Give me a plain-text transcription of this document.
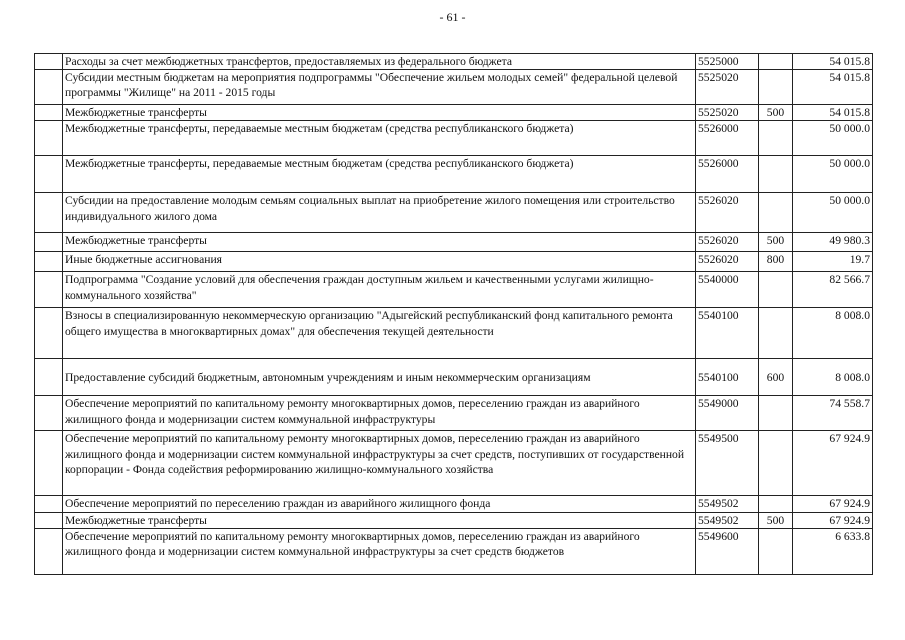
- 61 -
	Расходы за счет межбюджетных трансфертов, предоставляемых из федерального бюджета	5525000		54 015.8
	Субсидии местным бюджетам на мероприятия подпрограммы "Обеспечение жильем молодых семей" федеральной целевой программы "Жилище" на 2011 - 2015 годы	5525020		54 015.8
	Межбюджетные трансферты	5525020	500	54 015.8
	Межбюджетные трансферты, передаваемые местным бюджетам (средства республиканского бюджета)	5526000		50 000.0
	Межбюджетные трансферты, передаваемые местным бюджетам (средства республиканского бюджета)	5526000		50 000.0
	Субсидии на предоставление молодым семьям социальных выплат на приобретение жилого помещения или строительство индивидуального жилого дома	5526020		50 000.0
	Межбюджетные трансферты	5526020	500	49 980.3
	Иные бюджетные ассигнования	5526020	800	19.7
	Подпрограмма "Создание условий для обеспечения граждан доступным жильем и качественными услугами жилищно-коммунального хозяйства"	5540000		82 566.7
	Взносы в специализированную некоммерческую организацию "Адыгейский республиканский фонд капитального ремонта общего имущества в многоквартирных домах" для обеспечения текущей деятельности	5540100		8 008.0
	Предоставление субсидий бюджетным, автономным учреждениям и иным некоммерческим организациям	5540100	600	8 008.0
	Обеспечение мероприятий по капитальному ремонту многоквартирных домов, переселению граждан из аварийного жилищного фонда и модернизации систем коммунальной инфраструктуры	5549000		74 558.7
	Обеспечение мероприятий по капитальному ремонту многоквартирных домов, переселению граждан из аварийного жилищного фонда и модернизации систем коммунальной инфраструктуры за счет средств, поступивших от государственной корпорации - Фонда содействия реформированию жилищно-коммунального хозяйства	5549500		67 924.9
	Обеспечение мероприятий по переселению граждан из аварийного жилищного фонда	5549502		67 924.9
	Межбюджетные трансферты	5549502	500	67 924.9
	Обеспечение мероприятий по капитальному ремонту многоквартирных домов, переселению граждан из аварийного жилищного фонда и модернизации систем коммунальной инфраструктуры за счет средств бюджетов	5549600		6 633.8
